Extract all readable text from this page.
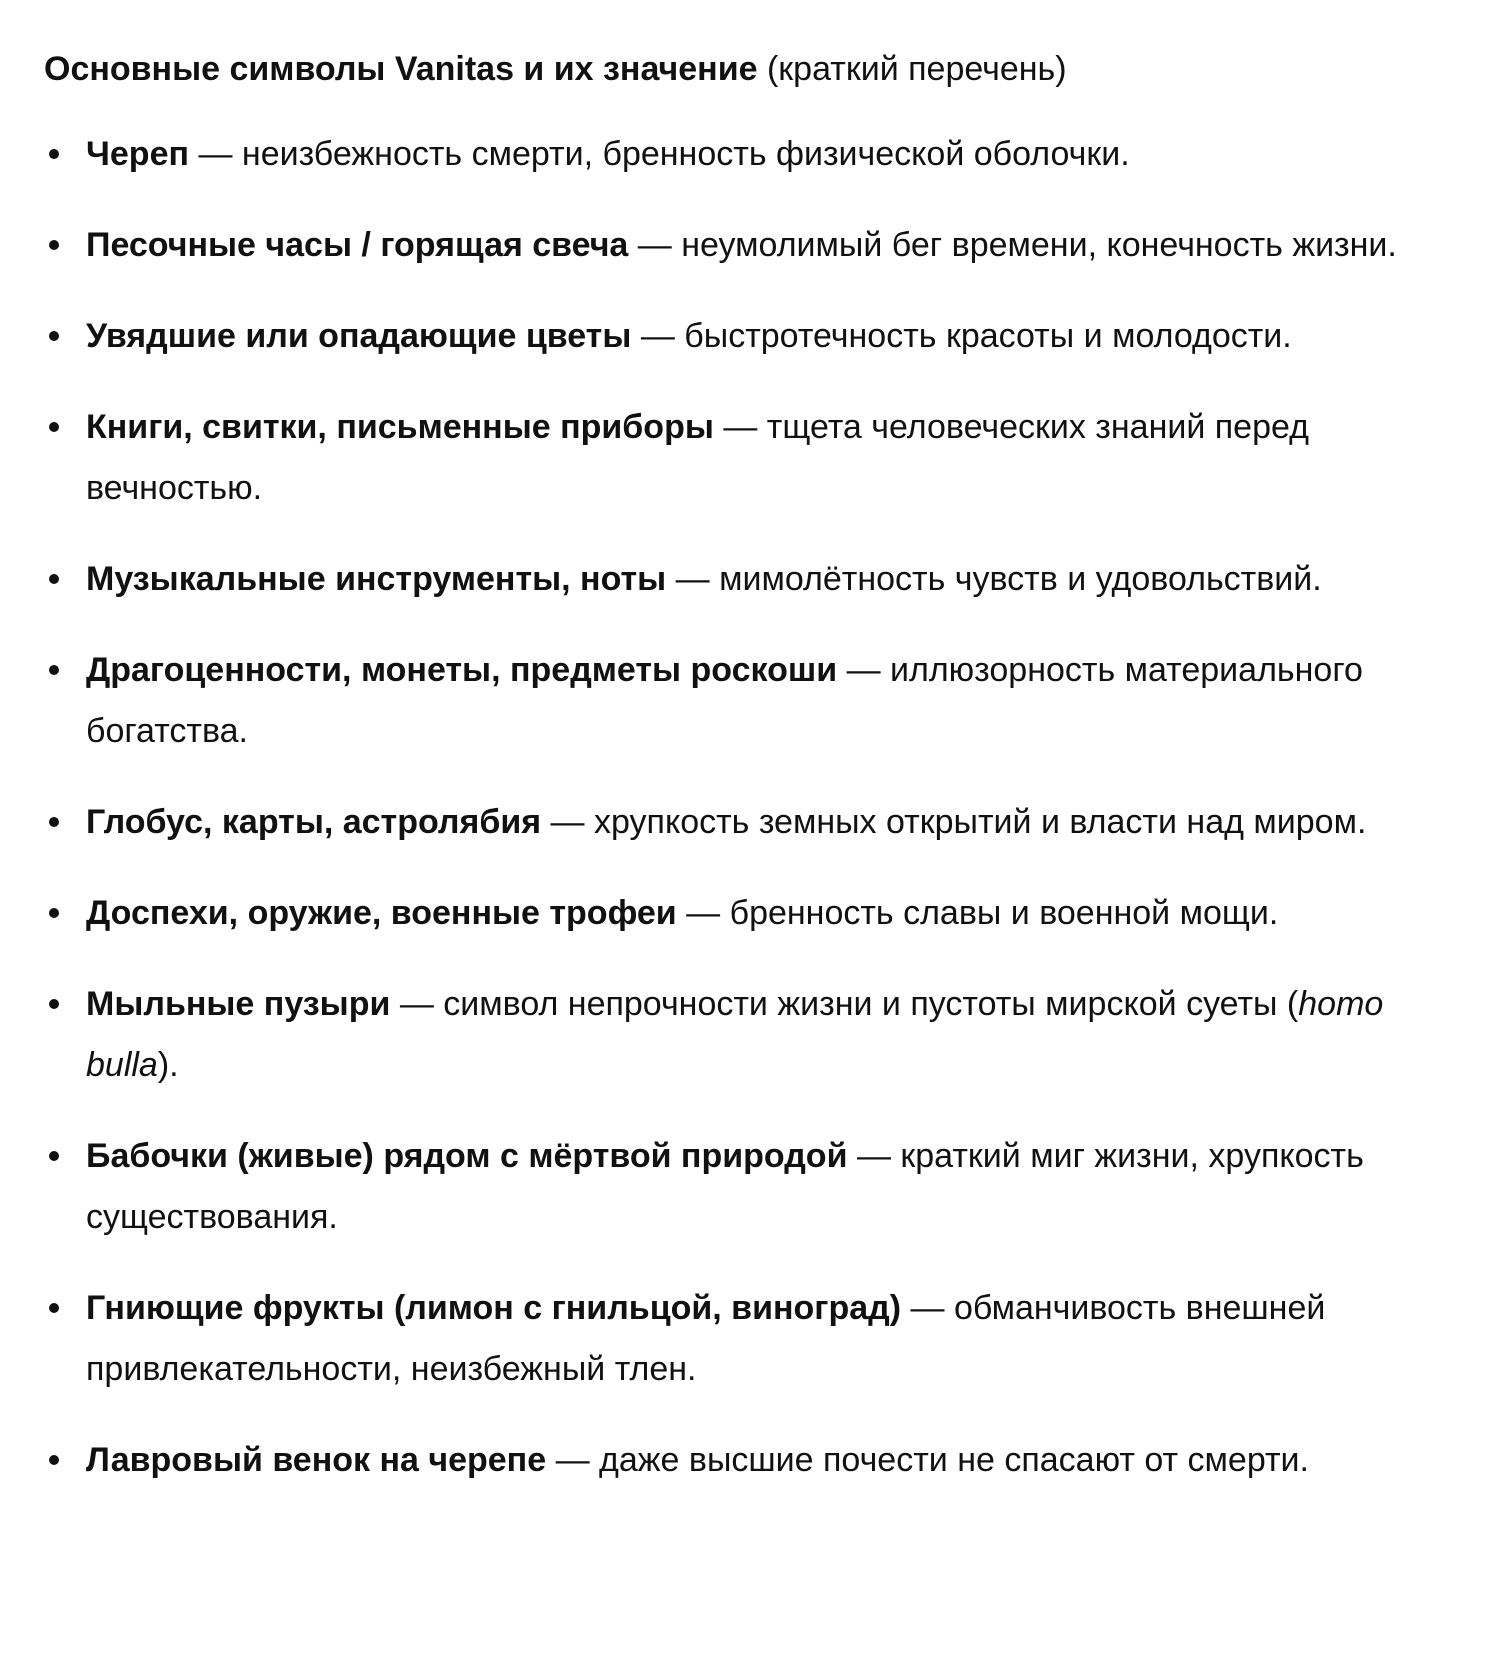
Основные символы Vanitas и их значение (краткий перечень)

Череп — неизбежность смерти, бренность физической оболочки.
Песочные часы / горящая свеча — неумолимый бег времени, конечность жизни.
Увядшие или опадающие цветы — быстротечность красоты и молодости.
Книги, свитки, письменные приборы — тщета человеческих знаний перед вечностью.
Музыкальные инструменты, ноты — мимолётность чувств и удовольствий.
Драгоценности, монеты, предметы роскоши — иллюзорность материального богатства.
Глобус, карты, астролябия — хрупкость земных открытий и власти над миром.
Доспехи, оружие, военные трофеи — бренность славы и военной мощи.
Мыльные пузыри — символ непрочности жизни и пустоты мирской суеты (homo bulla).
Бабочки (живые) рядом с мёртвой природой — краткий миг жизни, хрупкость существования.
Гниющие фрукты (лимон с гнильцой, виноград) — обманчивость внешней привлекательности, неизбежный тлен.
Лавровый венок на черепе — даже высшие почести не спасают от смерти.
